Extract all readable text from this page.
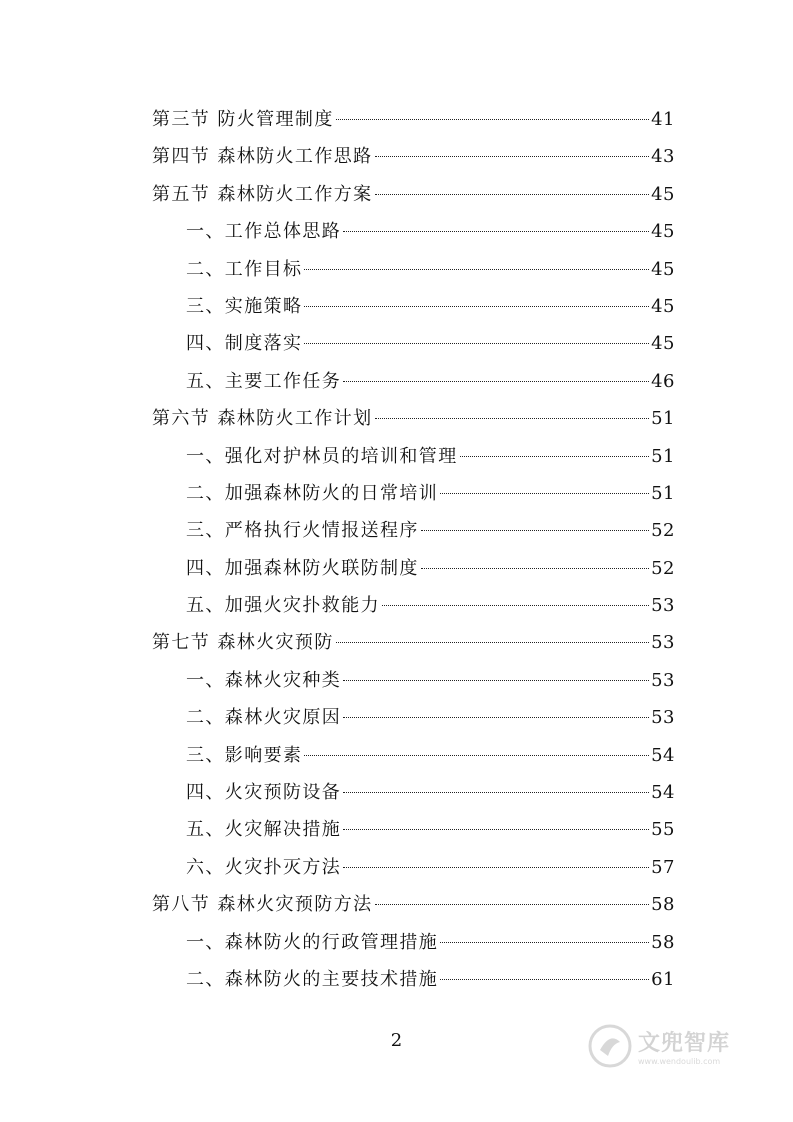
第三节 防火管理制度	41
第四节 森林防火工作思路	43
第五节 森林防火工作方案	45
一、工作总体思路	45
二、工作目标	45
三、实施策略	45
四、制度落实	45
五、主要工作任务	46
第六节 森林防火工作计划	51
一、强化对护林员的培训和管理	51
二、加强森林防火的日常培训	51
三、严格执行火情报送程序	52
四、加强森林防火联防制度	52
五、加强火灾扑救能力	53
第七节 森林火灾预防	53
一、森林火灾种类	53
二、森林火灾原因	53
三、影响要素	54
四、火灾预防设备	54
五、火灾解决措施	55
六、火灾扑灭方法	57
第八节 森林火灾预防方法	58
一、森林防火的行政管理措施	58
二、森林防火的主要技术措施	61
2	文兜智库
www.wendoulib.com
